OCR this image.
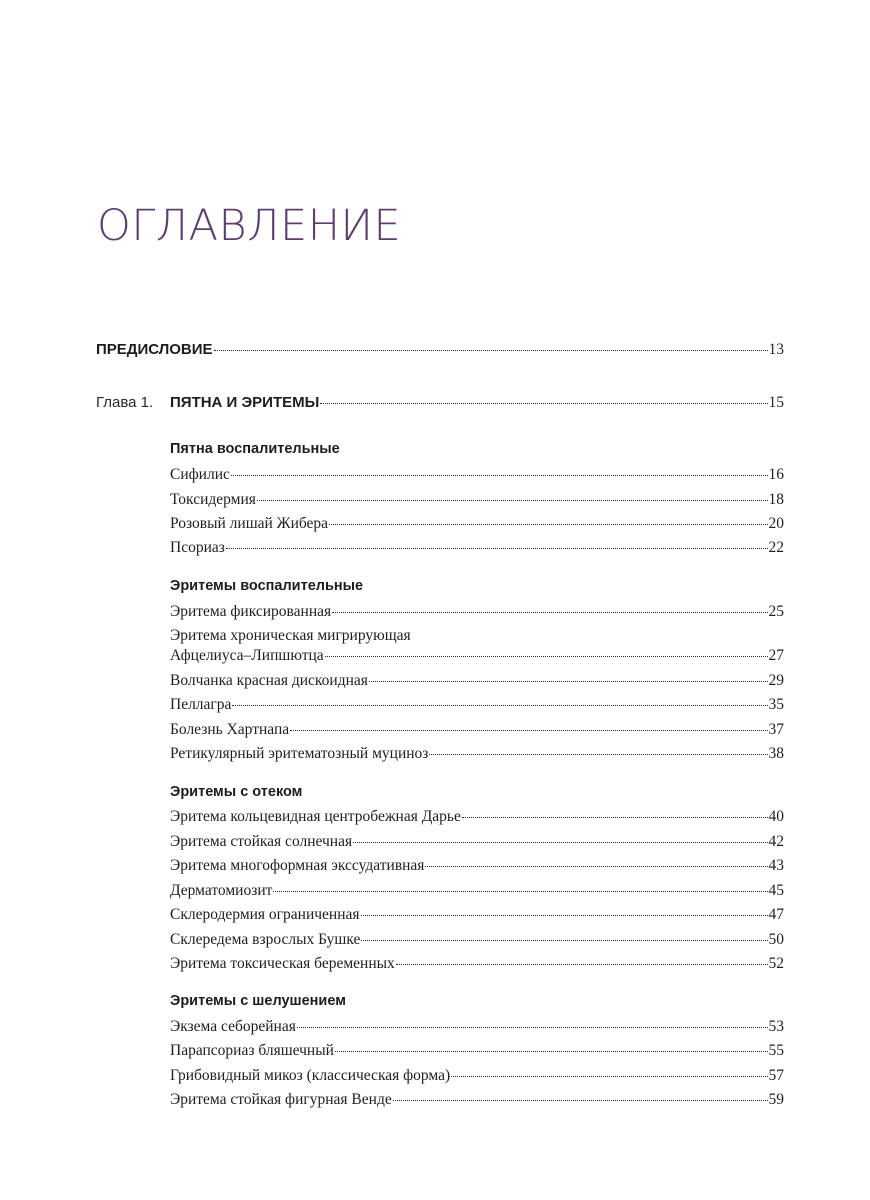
ОГЛАВЛЕНИЕ
ПРЕДИСЛОВИЕ	13
Глава 1.	ПЯТНА И ЭРИТЕМЫ	15
Пятна воспалительные
Сифилис	16
Токсидермия	18
Розовый лишай Жибера	20
Псориаз	22
Эритемы воспалительные
Эритема фиксированная	25
Эритема хроническая мигрирующая
Афцелиуса–Липшютца	27
Волчанка красная дискоидная	29
Пеллагра	35
Болезнь Хартнапа	37
Ретикулярный эритематозный муциноз	38
Эритемы с отеком
Эритема кольцевидная центробежная Дарье	40
Эритема стойкая солнечная	42
Эритема многоформная экссудативная	43
Дерматомиозит	45
Склеродермия ограниченная	47
Склередема взрослых Бушке	50
Эритема токсическая беременных	52
Эритемы с шелушением
Экзема себорейная	53
Парапсориаз бляшечный	55
Грибовидный микоз (классическая форма)	57
Эритема стойкая фигурная Венде	59
